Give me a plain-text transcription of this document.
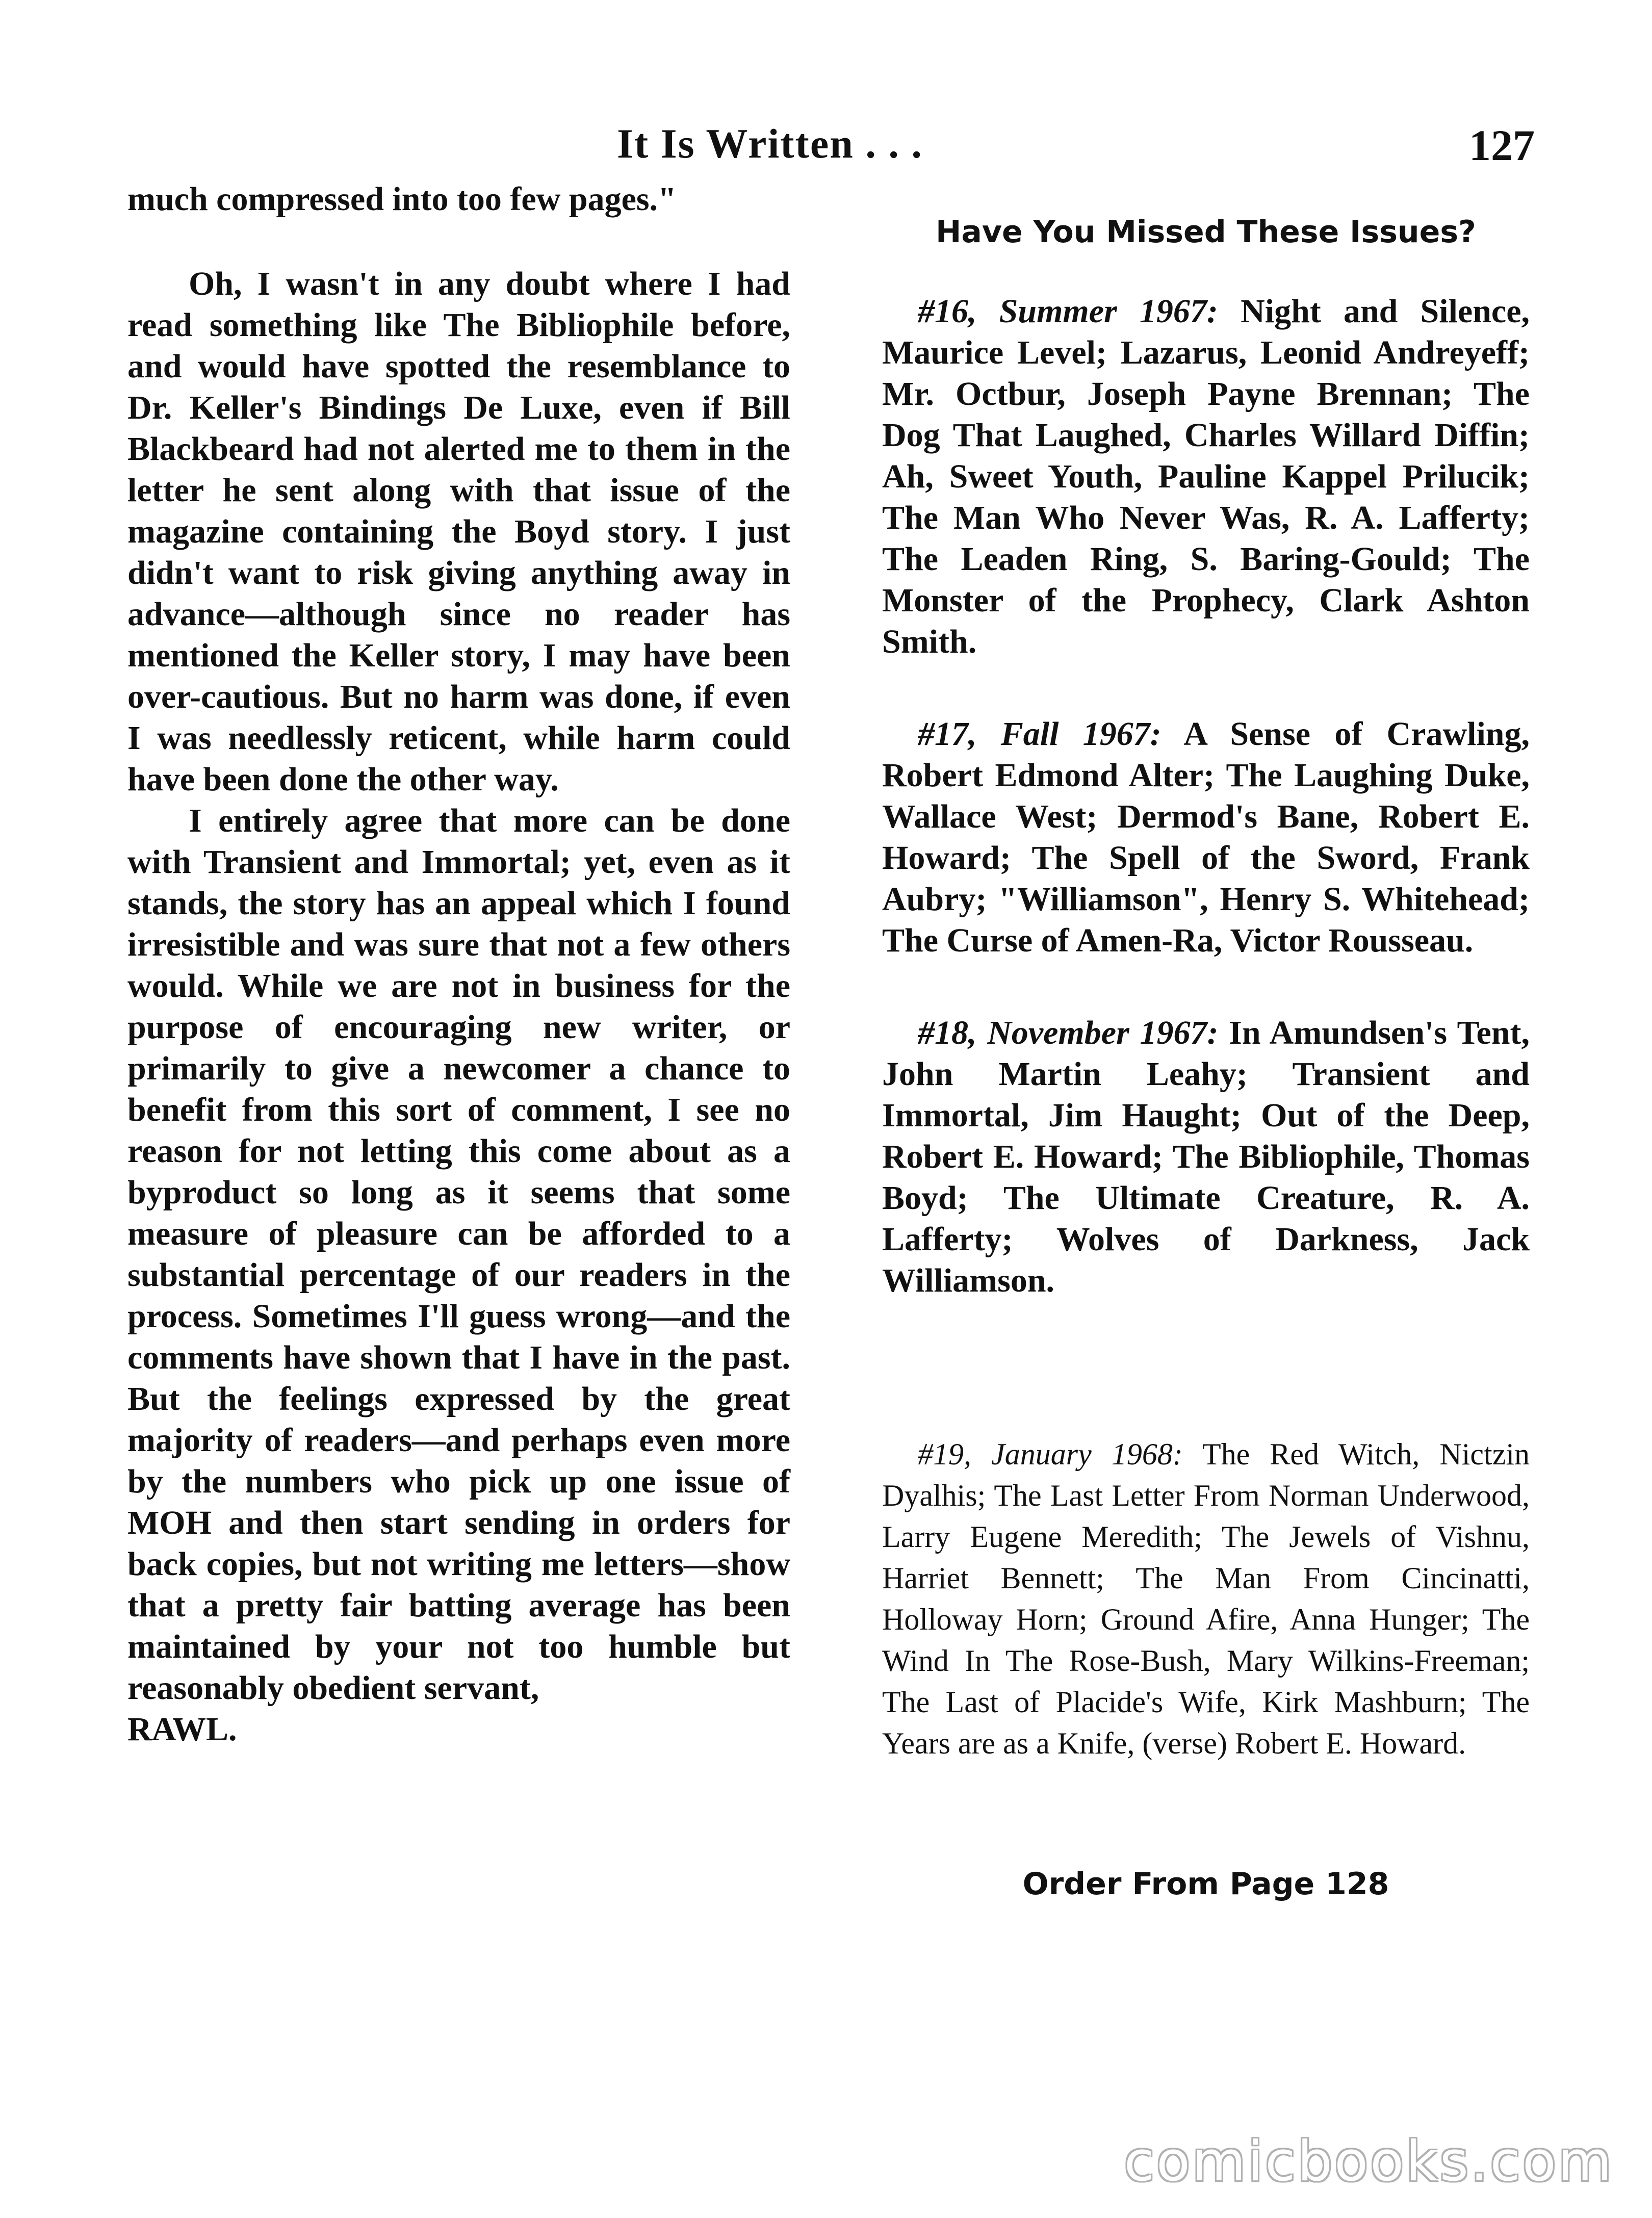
It Is Written . . .	127

much compressed into too few pages."

Oh, I wasn't in any doubt where I had read something like The Bibliophile before, and would have spotted the resemblance to Dr. Keller's Bindings De Luxe, even if Bill Blackbeard had not alerted me to them in the letter he sent along with that issue of the magazine containing the Boyd story. I just didn't want to risk giving anything away in advance—although since no reader has mentioned the Keller story, I may have been over-cautious. But no harm was done, if even I was needlessly reticent, while harm could have been done the other way.

I entirely agree that more can be done with Transient and Immortal; yet, even as it stands, the story has an appeal which I found irresistible and was sure that not a few others would. While we are not in business for the purpose of encouraging new writer, or primarily to give a newcomer a chance to benefit from this sort of comment, I see no reason for not letting this come about as a byproduct so long as it seems that some measure of pleasure can be afforded to a substantial percentage of our readers in the process. Sometimes I'll guess wrong—and the comments have shown that I have in the past. But the feelings expressed by the great majority of readers—and perhaps even more by the numbers who pick up one issue of MOH and then start sending in orders for back copies, but not writing me letters—show that a pretty fair batting average has been maintained by your not too humble but reasonably obedient servant,

RAWL.

Have You Missed These Issues?

#16, Summer 1967: Night and Silence, Maurice Level; Lazarus, Leonid Andreyeff; Mr. Octbur, Joseph Payne Brennan; The Dog That Laughed, Charles Willard Diffin; Ah, Sweet Youth, Pauline Kappel Prilucik; The Man Who Never Was, R. A. Lafferty; The Leaden Ring, S. Baring-Gould; The Monster of the Prophecy, Clark Ashton Smith.

#17, Fall 1967: A Sense of Crawling, Robert Edmond Alter; The Laughing Duke, Wallace West; Dermod's Bane, Robert E. Howard; The Spell of the Sword, Frank Aubry; "Williamson", Henry S. Whitehead; The Curse of Amen-Ra, Victor Rousseau.

#18, November 1967: In Amundsen's Tent, John Martin Leahy; Transient and Immortal, Jim Haught; Out of the Deep, Robert E. Howard; The Bibliophile, Thomas Boyd; The Ultimate Creature, R. A. Lafferty; Wolves of Darkness, Jack Williamson.

#19, January 1968: The Red Witch, Nictzin Dyalhis; The Last Letter From Norman Underwood, Larry Eugene Meredith; The Jewels of Vishnu, Harriet Bennett; The Man From Cincinatti, Holloway Horn; Ground Afire, Anna Hunger; The Wind In The Rose-Bush, Mary Wilkins-Freeman; The Last of Placide's Wife, Kirk Mashburn; The Years are as a Knife, (verse) Robert E. Howard.

Order From Page 128
comicbooks.com
